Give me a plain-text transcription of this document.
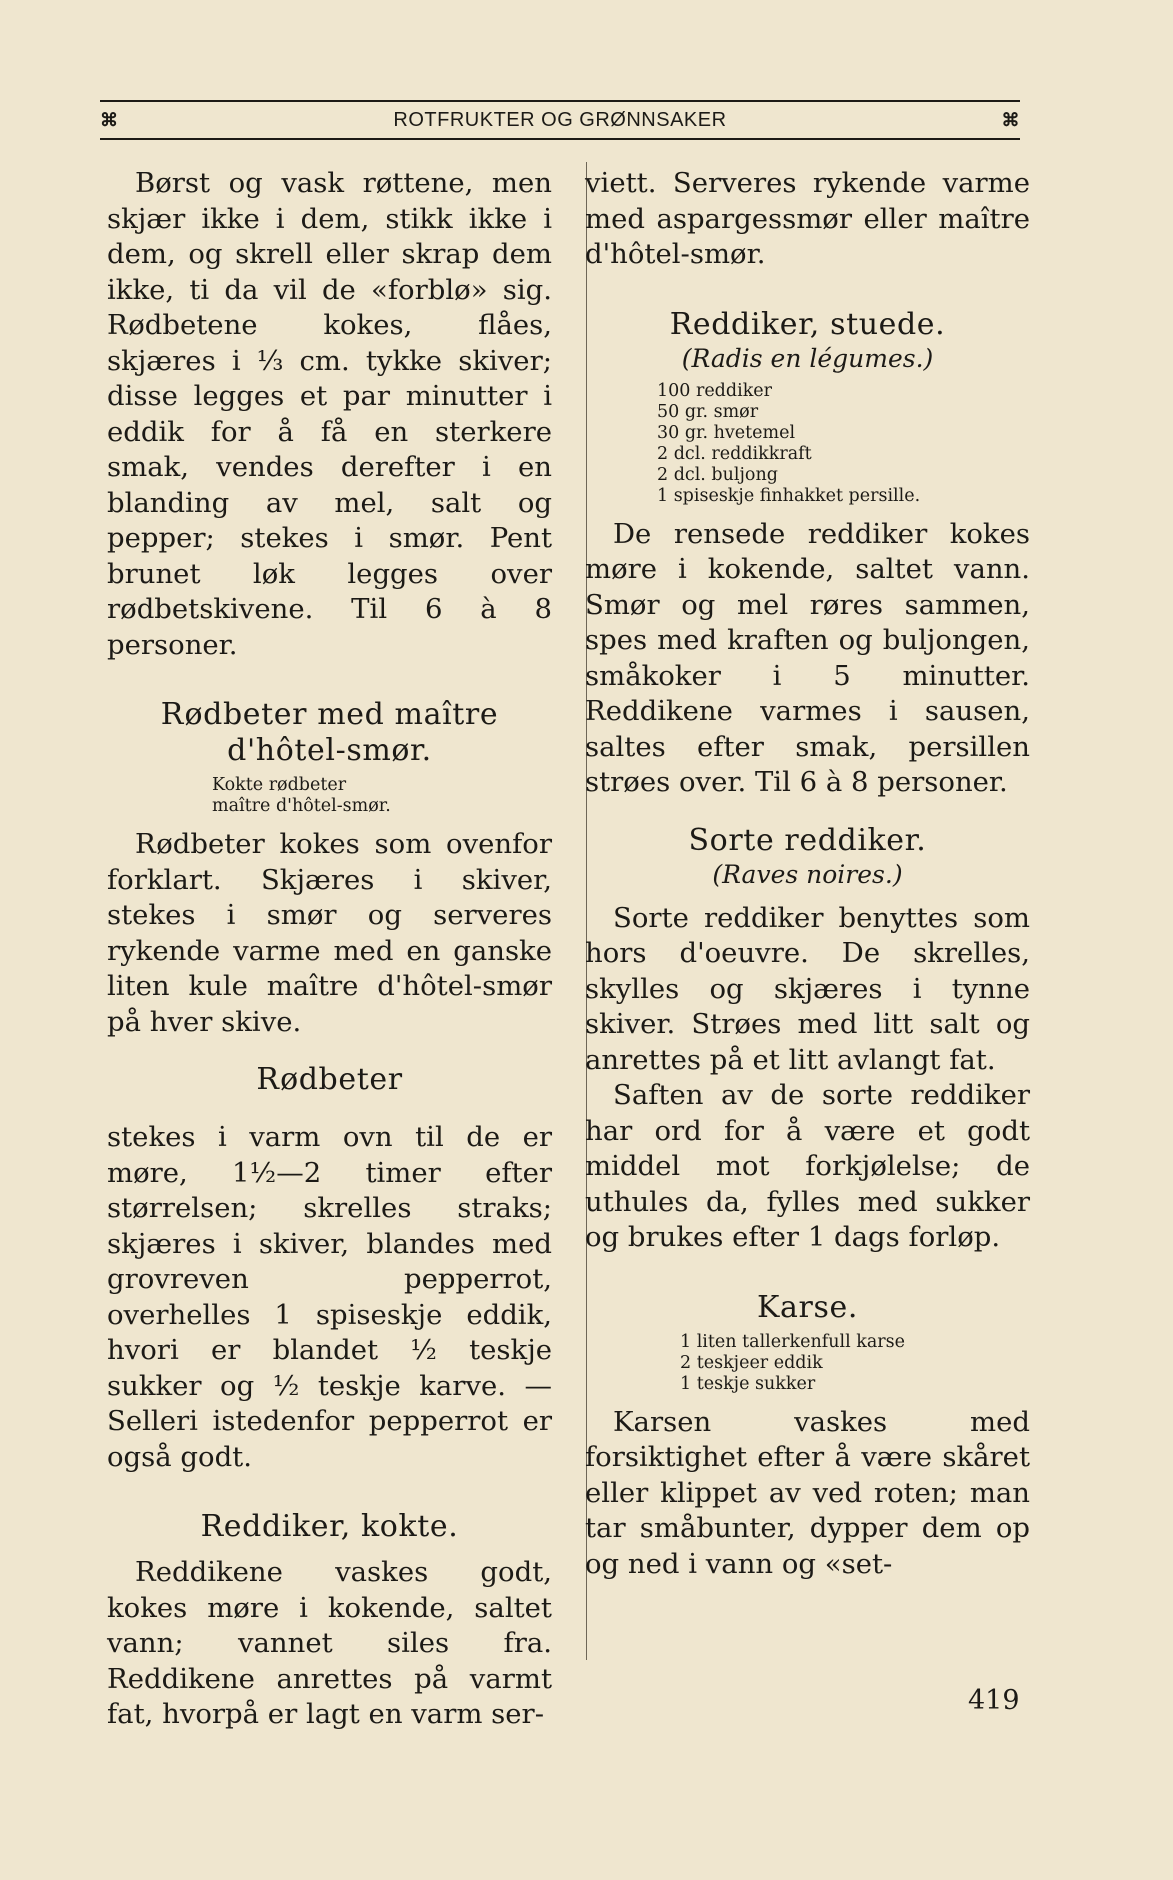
⌘	ROTFRUKTER OG GRØNNSAKER	⌘

Børst og vask røttene, men skjær ikke i dem, stikk ikke i dem, og skrell eller skrap dem ikke, ti da vil de «forblø» sig. Rødbetene kokes, flåes, skjæres i ⅓ cm. tykke skiver; disse legges et par minutter i eddik for å få en sterkere smak, vendes derefter i en blanding av mel, salt og pepper; stekes i smør. Pent brunet løk legges over rødbetskivene. Til 6 à 8 personer.

Rødbeter med maître
d'hôtel-smør.
Kokte rødbeter
maître d'hôtel-smør.

Rødbeter kokes som ovenfor forklart. Skjæres i skiver, stekes i smør og serveres rykende varme med en ganske liten kule maître d'hôtel-smør på hver skive.

Rødbeter

stekes i varm ovn til de er møre, 1½—2 timer efter størrelsen; skrelles straks; skjæres i skiver, blandes med grovreven pepperrot, overhelles 1 spiseskje eddik, hvori er blandet ½ teskje sukker og ½ teskje karve. — Selleri istedenfor pepperrot er også godt.

Reddiker, kokte.

Reddikene vaskes godt, kokes møre i kokende, saltet vann; vannet siles fra. Reddikene anrettes på varmt fat, hvorpå er lagt en varm ser-

viett. Serveres rykende varme med aspargessmør eller maître d'hôtel-smør.

Reddiker, stuede.

(Radis en légumes.)

100 reddiker
50 gr. smør
30 gr. hvetemel
2 dcl. reddikkraft
2 dcl. buljong
1 spiseskje finhakket persille.

De rensede reddiker kokes møre i kokende, saltet vann. Smør og mel røres sammen, spes med kraften og buljongen, småkoker i 5 minutter. Reddikene varmes i sausen, saltes efter smak, persillen strøes over. Til 6 à 8 personer.

Sorte reddiker.

(Raves noires.)

Sorte reddiker benyttes som hors d'oeuvre. De skrelles, skylles og skjæres i tynne skiver. Strøes med litt salt og anrettes på et litt avlangt fat.

Saften av de sorte reddiker har ord for å være et godt middel mot forkjølelse; de uthules da, fylles med sukker og brukes efter 1 dags forløp.

Karse.
1 liten tallerkenfull karse
2 teskjeer eddik
1 teskje sukker

Karsen vaskes med forsiktighet efter å være skåret eller klippet av ved roten; man tar småbunter, dypper dem op og ned i vann og «set-

419
